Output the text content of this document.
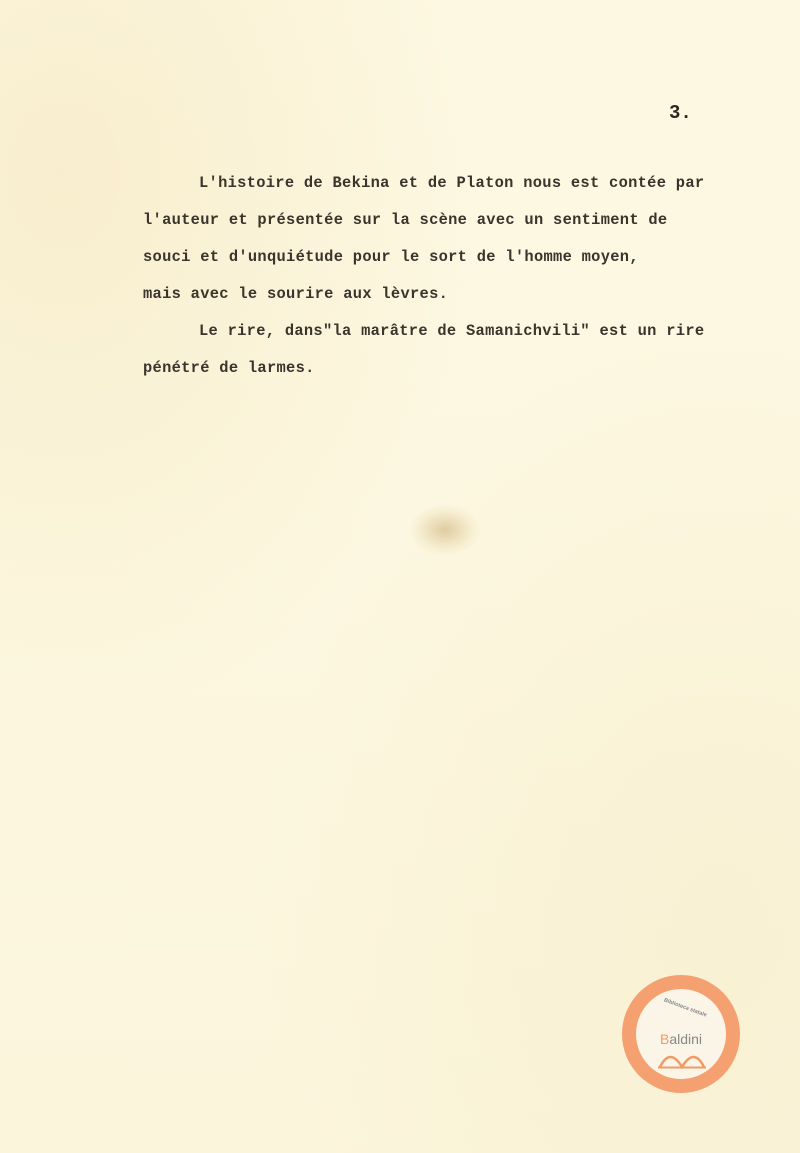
3.
L'histoire de Bekina et de Platon nous est contée par
l'auteur et présentée sur la scène avec un sentiment de
souci et d'unquiétude pour le sort de l'homme moyen,
mais avec le sourire aux lèvres.
Le rire, dans"la marâtre de Samanichvili" est un rire
pénétré de larmes.
Biblioteca statale
Baldini
